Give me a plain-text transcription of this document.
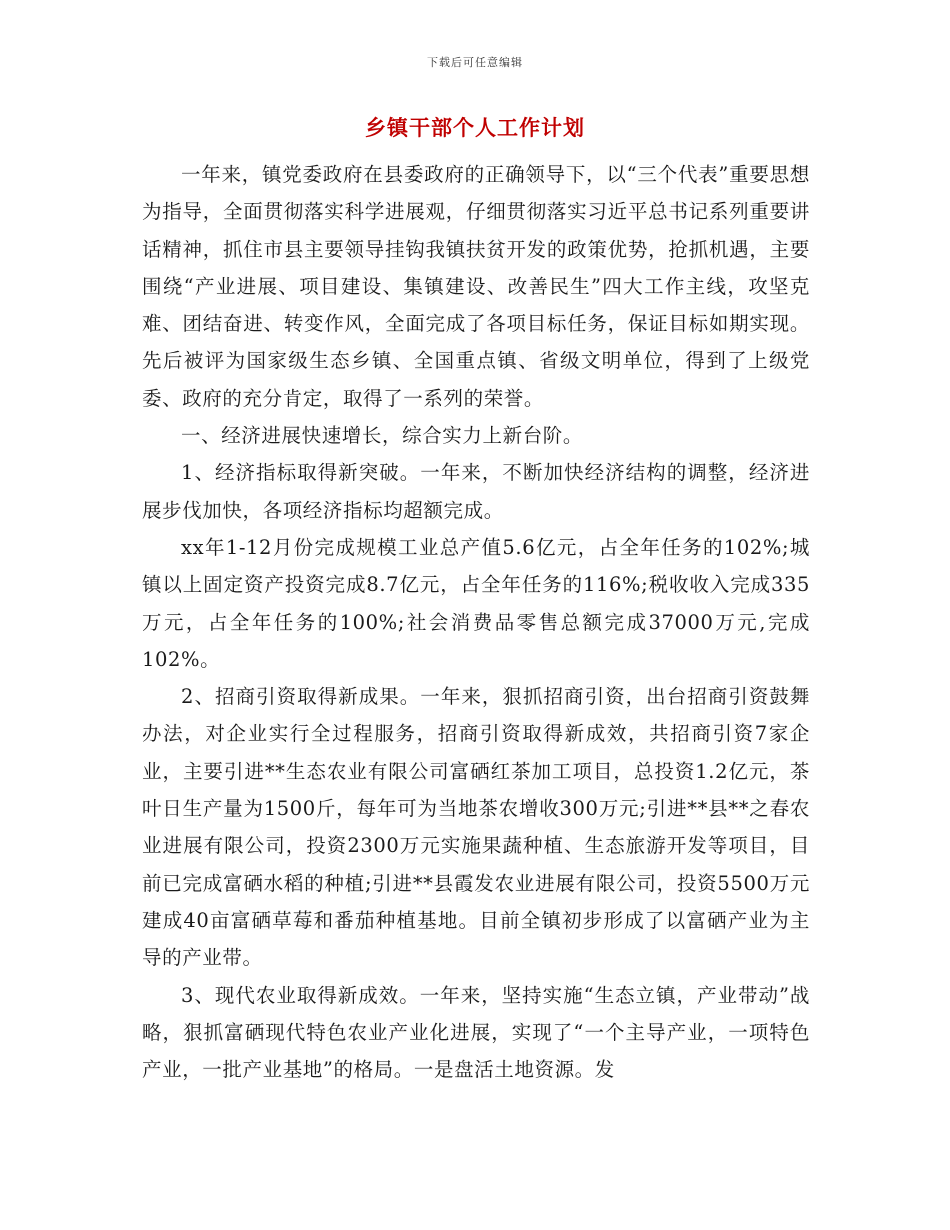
下载后可任意编辑
乡镇干部个人工作计划

一年来，镇党委政府在县委政府的正确领导下，以“三个代表”重要思想为指导，全面贯彻落实科学进展观，仔细贯彻落实习近平总书记系列重要讲话精神，抓住市县主要领导挂钩我镇扶贫开发的政策优势，抢抓机遇，主要围绕“产业进展、项目建设、集镇建设、改善民生”四大工作主线，攻坚克难、团结奋进、转变作风，全面完成了各项目标任务，保证目标如期实现。先后被评为国家级生态乡镇、全国重点镇、省级文明单位，得到了上级党委、政府的充分肯定，取得了一系列的荣誉。

一、经济进展快速增长，综合实力上新台阶。

1、经济指标取得新突破。一年来，不断加快经济结构的调整，经济进展步伐加快，各项经济指标均超额完成。

xx年1-12月份完成规模工业总产值5.6亿元，占全年任务的102%;城镇以上固定资产投资完成8.7亿元，占全年任务的116%;税收收入完成335万元，占全年任务的100%;社会消费品零售总额完成37000万元,完成102%。

2、招商引资取得新成果。一年来，狠抓招商引资，出台招商引资鼓舞办法，对企业实行全过程服务，招商引资取得新成效，共招商引资7家企业，主要引进**生态农业有限公司富硒红茶加工项目，总投资1.2亿元，茶叶日生产量为1500斤，每年可为当地茶农增收300万元;引进**县**之春农业进展有限公司，投资2300万元实施果蔬种植、生态旅游开发等项目，目前已完成富硒水稻的种植;引进**县霞发农业进展有限公司，投资5500万元建成40亩富硒草莓和番茄种植基地。目前全镇初步形成了以富硒产业为主导的产业带。

3、现代农业取得新成效。一年来，坚持实施“生态立镇，产业带动”战略，狠抓富硒现代特色农业产业化进展，实现了“一个主导产业，一项特色产业，一批产业基地”的格局。一是盘活土地资源。发
